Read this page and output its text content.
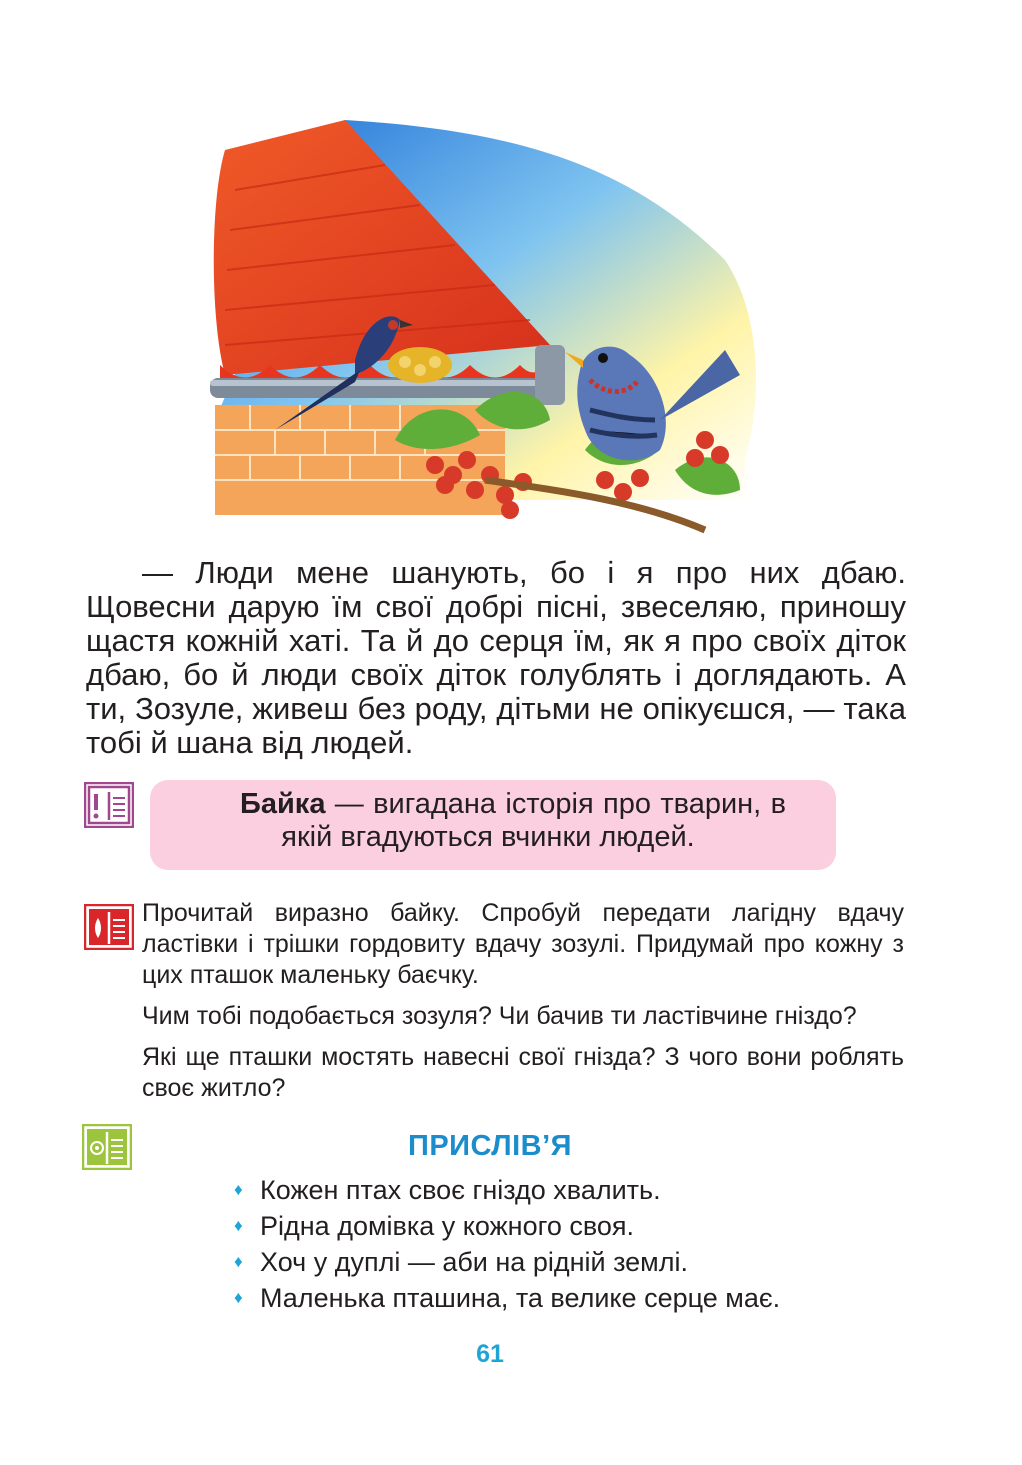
— Люди мене шанують, бо і я про них дбаю. Щовесни дарую їм свої добрі пісні, звеселяю, приношу щастя кожній хаті. Та й до серця їм, як я про своїх діток дбаю, бо й люди своїх діток голублять і доглядають. А ти, Зозуле, живеш без роду, дітьми не опікуєшся, — така тобі й шана від людей.

Байка — вигадана історія про тварин, в якій вгадуються вчинки людей.

Прочитай виразно байку. Спробуй передати лагідну вдачу ластівки і трішки гордовиту вдачу зозулі. Придумай про кожну з цих пташок маленьку баєчку.

Чим тобі подобається зозуля? Чи бачив ти ластівчине гніздо?

Які ще пташки мостять навесні свої гнізда? З чого вони роблять своє житло?

ПРИСЛІВ’Я
♦ Кожен птах своє гніздо хвалить.
♦ Рідна домівка у кожного своя.
♦ Хоч у дуплі — аби на рідній землі.
♦ Маленька пташина, та велике серце має.
61
